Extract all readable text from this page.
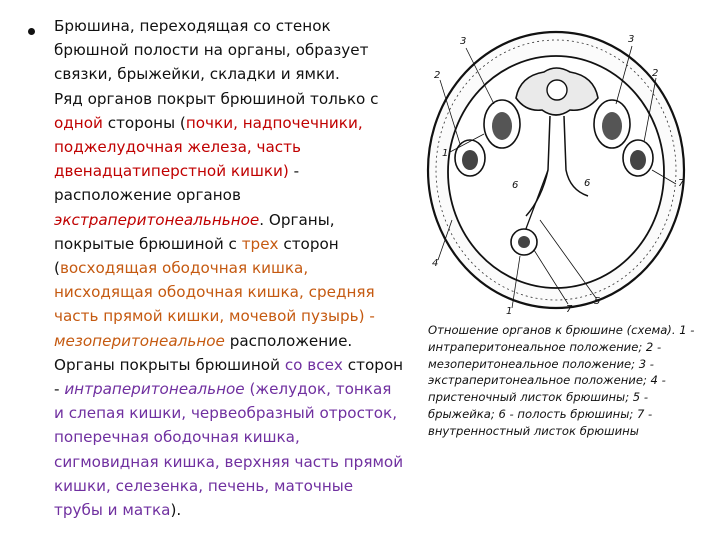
Брюшина, переходящая со стенок брюшной полости на органы, образует связки, брыжейки, складки и ямки.
Ряд органов покрыт брюшиной только с одной стороны (почки, надпочечники, поджелудочная железа, часть двенадцатиперстной кишки) - расположение органов экстраперитонеальньное. Органы, покрытые брюшиной с трех сторон (восходящая ободочная кишка, нисходящая ободочная кишка, средняя часть прямой кишки, мочевой пузырь) - мезоперитонеальное расположение. Органы покрыты брюшиной со всех сторон - интраперитонеальное (желудок, тонкая и слепая кишки, червеобразный отросток, поперечная ободочная кишка, сигмовидная кишка, верхняя часть прямой кишки, селезенка, печень, маточные трубы и матка).
3	3
2	2
1
6	6	7
4
1	7
5
Отношение органов к брюшине (схема). 1 - интраперитонеальное положение; 2 - мезоперитонеальное положение; 3 - экстраперитонеальное положение; 4 - пристеночный листок брюшины; 5 - брыжейка; 6 - полость брюшины; 7 - внутренностный листок брюшины
